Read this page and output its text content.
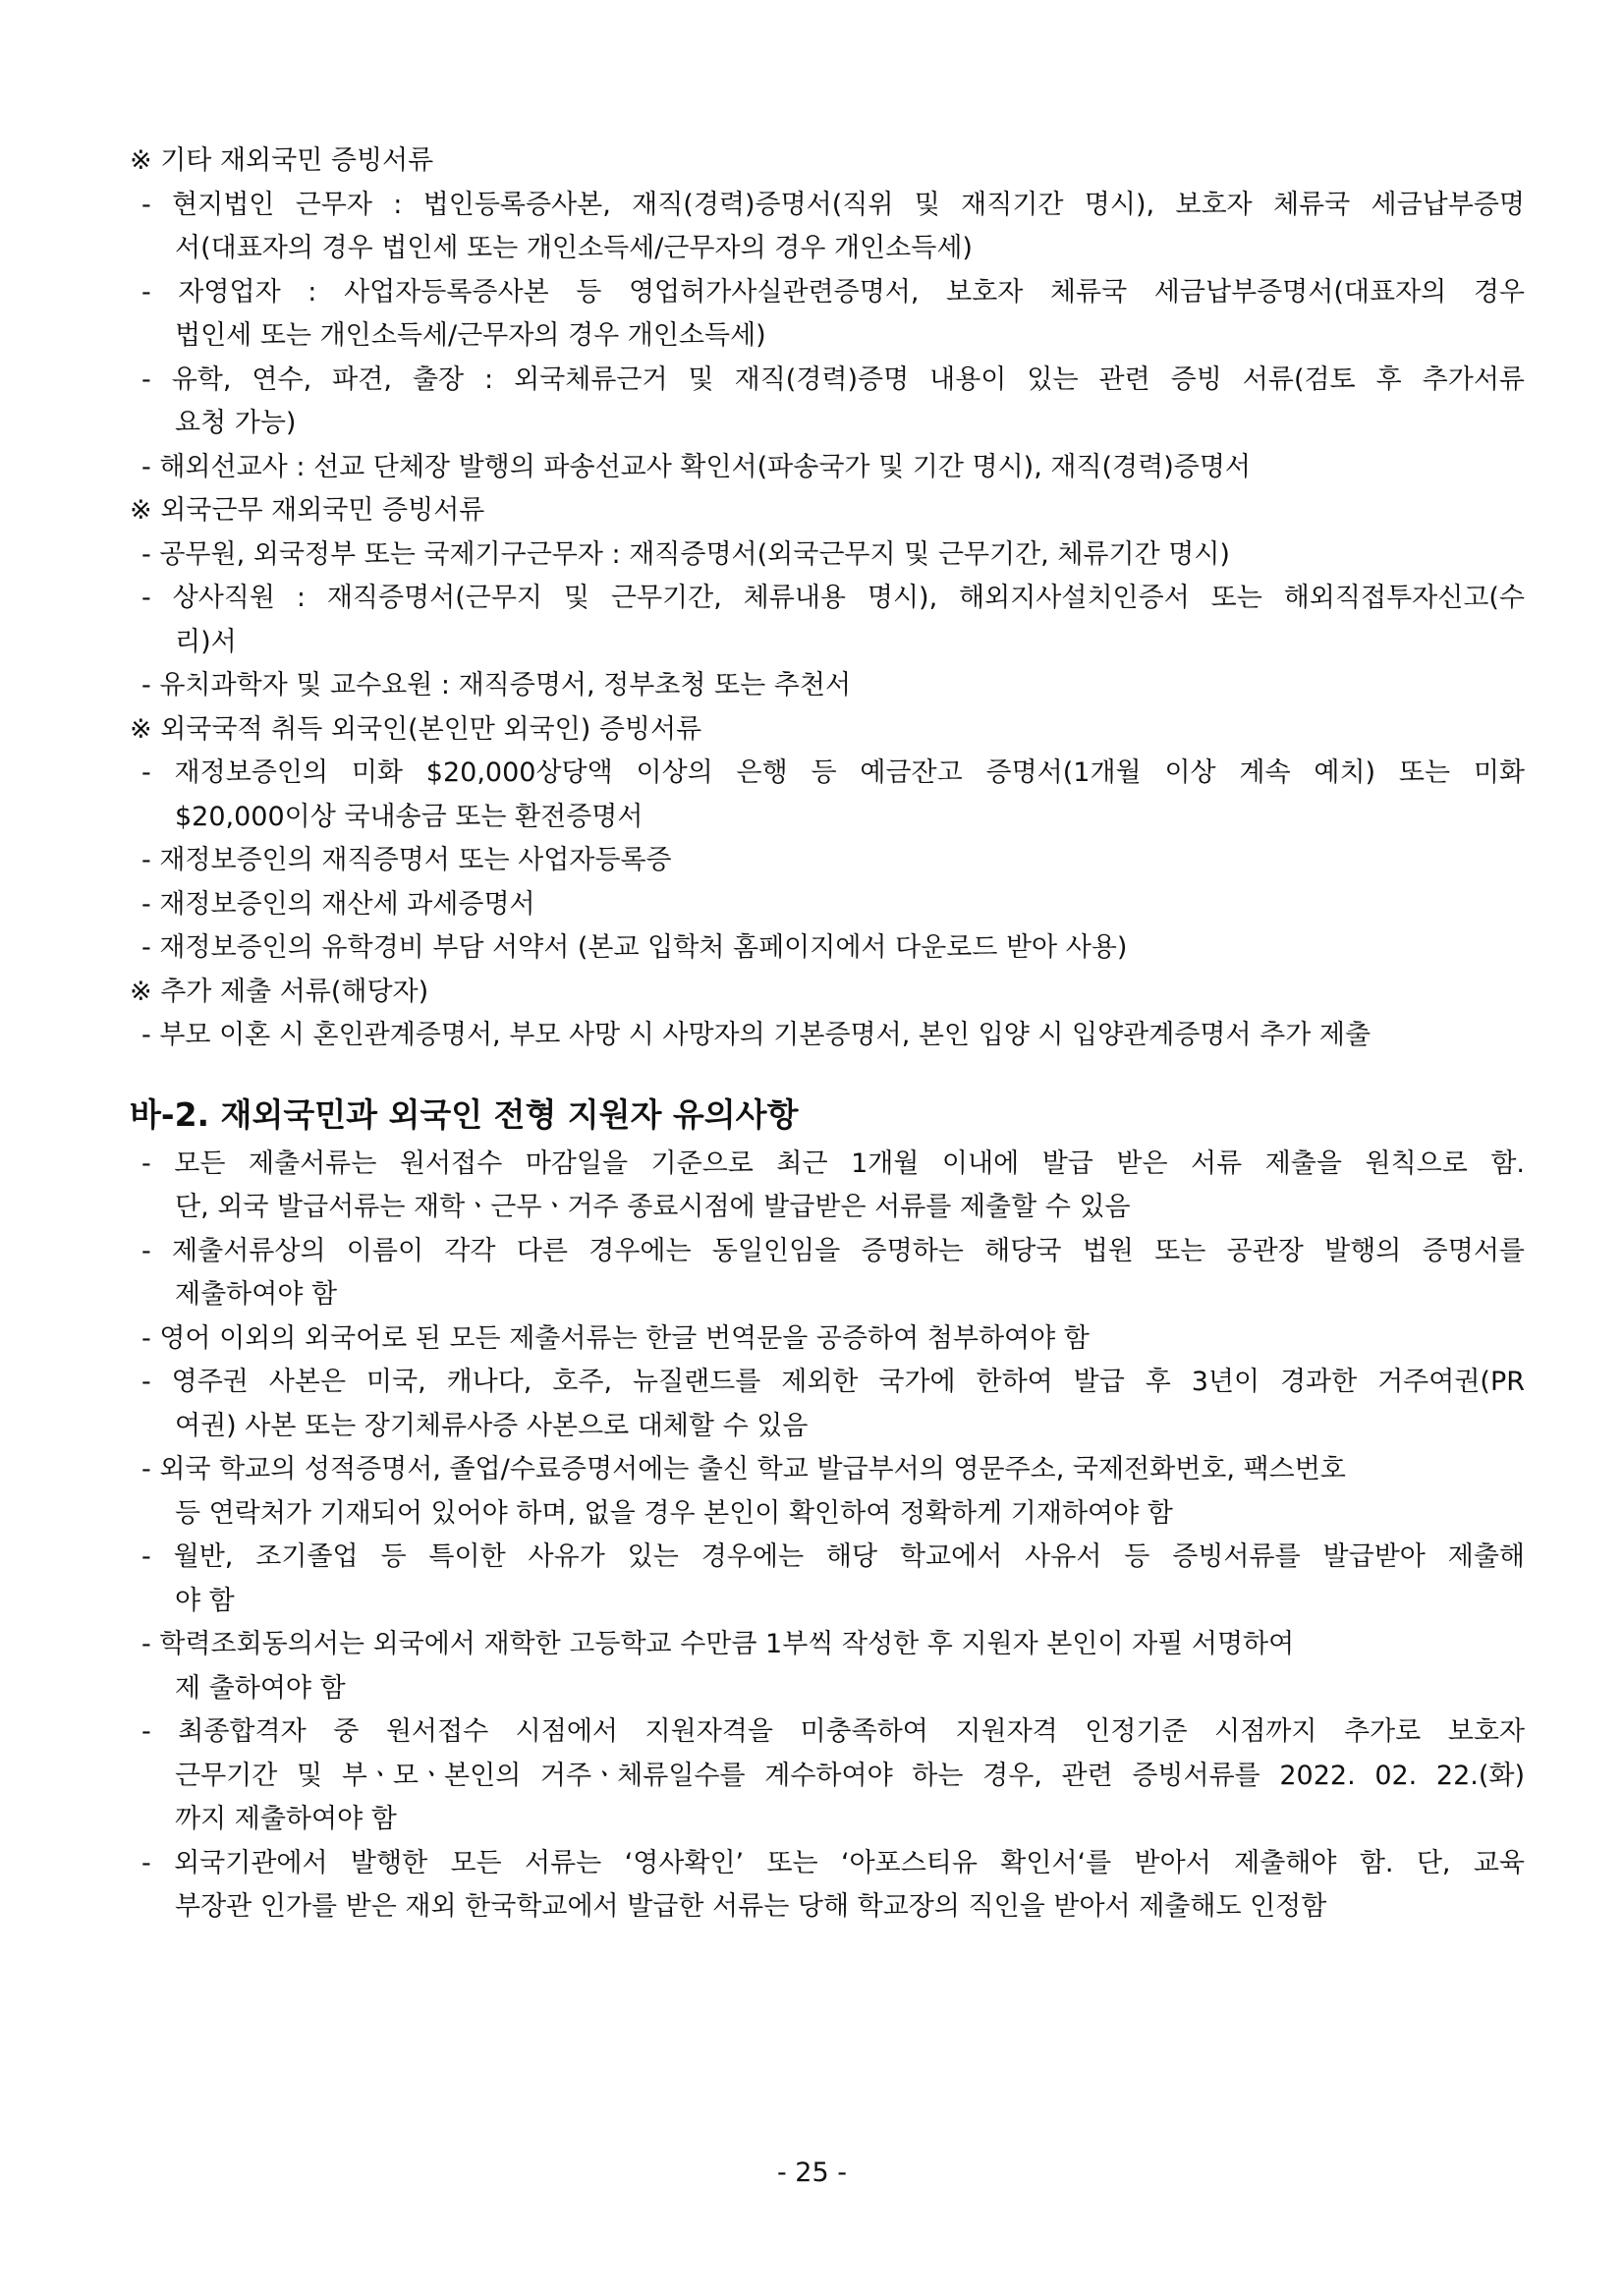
※ 기타 재외국민 증빙서류
- 현지법인 근무자 : 법인등록증사본, 재직(경력)증명서(직위 및 재직기간 명시), 보호자 체류국 세금납부증명
서(대표자의 경우 법인세 또는 개인소득세/근무자의 경우 개인소득세)
- 자영업자 : 사업자등록증사본 등 영업허가사실관련증명서, 보호자 체류국 세금납부증명서(대표자의 경우
법인세 또는 개인소득세/근무자의 경우 개인소득세)
- 유학, 연수, 파견, 출장 : 외국체류근거 및 재직(경력)증명 내용이 있는 관련 증빙 서류(검토 후 추가서류
요청 가능)
- 해외선교사 : 선교 단체장 발행의 파송선교사 확인서(파송국가 및 기간 명시), 재직(경력)증명서
※ 외국근무 재외국민 증빙서류
- 공무원, 외국정부 또는 국제기구근무자 : 재직증명서(외국근무지 및 근무기간, 체류기간 명시)
- 상사직원 : 재직증명서(근무지 및 근무기간, 체류내용 명시), 해외지사설치인증서 또는 해외직접투자신고(수
리)서
- 유치과학자 및 교수요원 : 재직증명서, 정부초청 또는 추천서
※ 외국국적 취득 외국인(본인만 외국인) 증빙서류
- 재정보증인의 미화 $20,000상당액 이상의 은행 등 예금잔고 증명서(1개월 이상 계속 예치) 또는 미화
$20,000이상 국내송금 또는 환전증명서
- 재정보증인의 재직증명서 또는 사업자등록증
- 재정보증인의 재산세 과세증명서
- 재정보증인의 유학경비 부담 서약서 (본교 입학처 홈페이지에서 다운로드 받아 사용)
※ 추가 제출 서류(해당자)
- 부모 이혼 시 혼인관계증명서, 부모 사망 시 사망자의 기본증명서, 본인 입양 시 입양관계증명서 추가 제출
바-2. 재외국민과 외국인 전형 지원자 유의사항
- 모든 제출서류는 원서접수 마감일을 기준으로 최근 1개월 이내에 발급 받은 서류 제출을 원칙으로 함.
단, 외국 발급서류는 재학ㆍ근무ㆍ거주 종료시점에 발급받은 서류를 제출할 수 있음
- 제출서류상의 이름이 각각 다른 경우에는 동일인임을 증명하는 해당국 법원 또는 공관장 발행의 증명서를
제출하여야 함
- 영어 이외의 외국어로 된 모든 제출서류는 한글 번역문을 공증하여 첨부하여야 함
- 영주권 사본은 미국, 캐나다, 호주, 뉴질랜드를 제외한 국가에 한하여 발급 후 3년이 경과한 거주여권(PR
여권) 사본 또는 장기체류사증 사본으로 대체할 수 있음
- 외국 학교의 성적증명서, 졸업/수료증명서에는 출신 학교 발급부서의 영문주소, 국제전화번호, 팩스번호
등 연락처가 기재되어 있어야 하며, 없을 경우 본인이 확인하여 정확하게 기재하여야 함
- 월반, 조기졸업 등 특이한 사유가 있는 경우에는 해당 학교에서 사유서 등 증빙서류를 발급받아 제출해
야 함
- 학력조회동의서는 외국에서 재학한 고등학교 수만큼 1부씩 작성한 후 지원자 본인이 자필 서명하여
제 출하여야 함
- 최종합격자 중 원서접수 시점에서 지원자격을 미충족하여 지원자격 인정기준 시점까지 추가로 보호자
근무기간 및 부ㆍ모ㆍ본인의 거주ㆍ체류일수를 계수하여야 하는 경우, 관련 증빙서류를 2022. 02. 22.(화)
까지 제출하여야 함
- 외국기관에서 발행한 모든 서류는 ‘영사확인’ 또는 ‘아포스티유 확인서‘를 받아서 제출해야 함. 단, 교육
부장관 인가를 받은 재외 한국학교에서 발급한 서류는 당해 학교장의 직인을 받아서 제출해도 인정함
- 25 -
